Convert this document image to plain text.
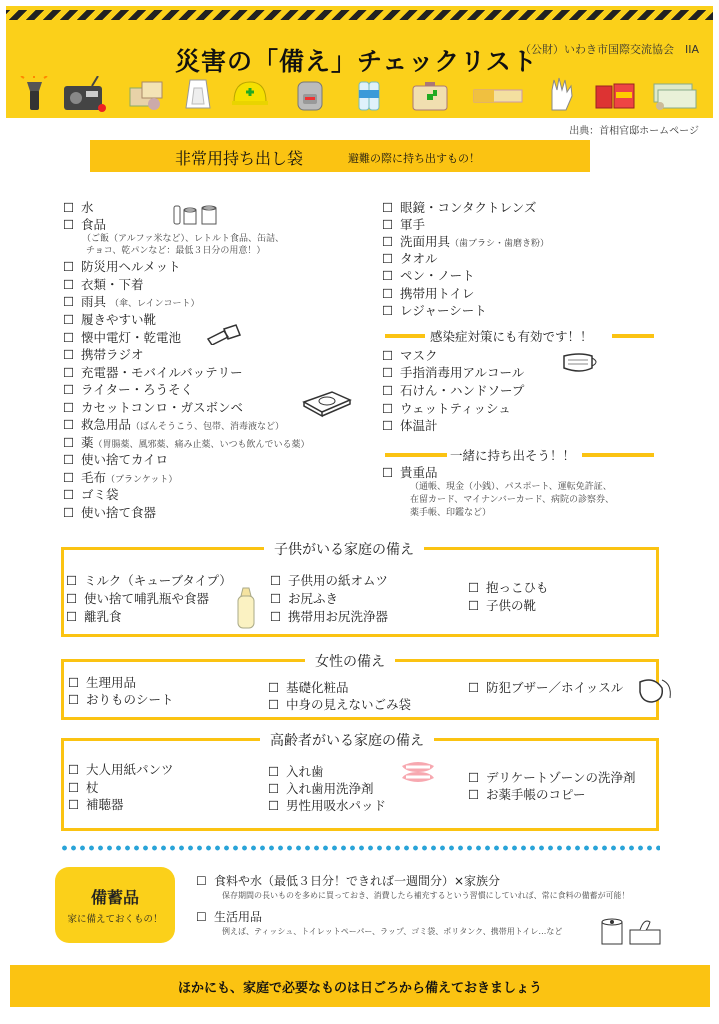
災害の「備え」チェックリスト
（公財）いわき市国際交流協会　IIA
出典：首相官邸ホームページ
非常用持ち出し袋	避難の際に持ち出すもの！
☐ 水
☐ 食品
（ご飯（アルファ米など）、レトルト食品、缶詰、
チョコ、乾パンなど：最低３日分の用意！）
☐ 防災用ヘルメット
☐ 衣類・下着
☐ 雨具 （傘、レインコート）
☐ 履きやすい靴
☐ 懐中電灯・乾電池
☐ 携帯ラジオ
☐ 充電器・モバイルバッテリー
☐ ライター・ろうそく
☐ カセットコンロ・ガスボンベ
☐ 救急用品（ばんそうこう、包帯、消毒液など）
☐ 薬（胃腸薬、風邪薬、痛み止薬、いつも飲んでいる薬）
☐ 使い捨てカイロ
☐ 毛布（ブランケット）
☐ ゴミ袋
☐ 使い捨て食器
☐ 眼鏡・コンタクトレンズ
☐ 軍手
☐ 洗面用具（歯ブラシ・歯磨き粉）
☐ タオル
☐ ペン・ノート
☐ 携帯用トイレ
☐ レジャーシート
感染症対策にも有効です！！
☐ マスク
☐ 手指消毒用アルコール
☐ 石けん・ハンドソープ
☐ ウェットティッシュ
☐ 体温計
一緒に持ち出そう！！
☐ 貴重品
（通帳、現金（小銭）、パスポート、運転免許証、
在留カード、マイナンバーカード、病院の診察券、
薬手帳、印鑑など）
子供がいる家庭の備え
☐ ミルク（キューブタイプ）
☐ 使い捨て哺乳瓶や食器
☐ 離乳食
☐ 子供用の紙オムツ
☐ お尻ふき
☐ 携帯用お尻洗浄器
☐ 抱っこひも
☐ 子供の靴
女性の備え
☐ 生理用品
☐ おりものシート
☐ 基礎化粧品
☐ 中身の見えないごみ袋
☐ 防犯ブザー／ホイッスル
高齢者がいる家庭の備え
☐ 大人用紙パンツ
☐ 杖
☐ 補聴器
☐ 入れ歯
☐ 入れ歯用洗浄剤
☐ 男性用吸水パッド
☐ デリケートゾーンの洗浄剤
☐ お薬手帳のコピー
備蓄品
家に備えておくもの！
☐ 食料や水（最低３日分！できれば一週間分）×家族分
保存期間の長いものを多めに買っておき、消費したら補充するという習慣にしていれば、常に食料の備蓄が可能！
☐ 生活用品
例えば、ティッシュ、トイレットペーパー、ラップ、ゴミ袋、ポリタンク、携帯用トイレ…など
ほかにも、家庭で必要なものは日ごろから備えておきましょう
